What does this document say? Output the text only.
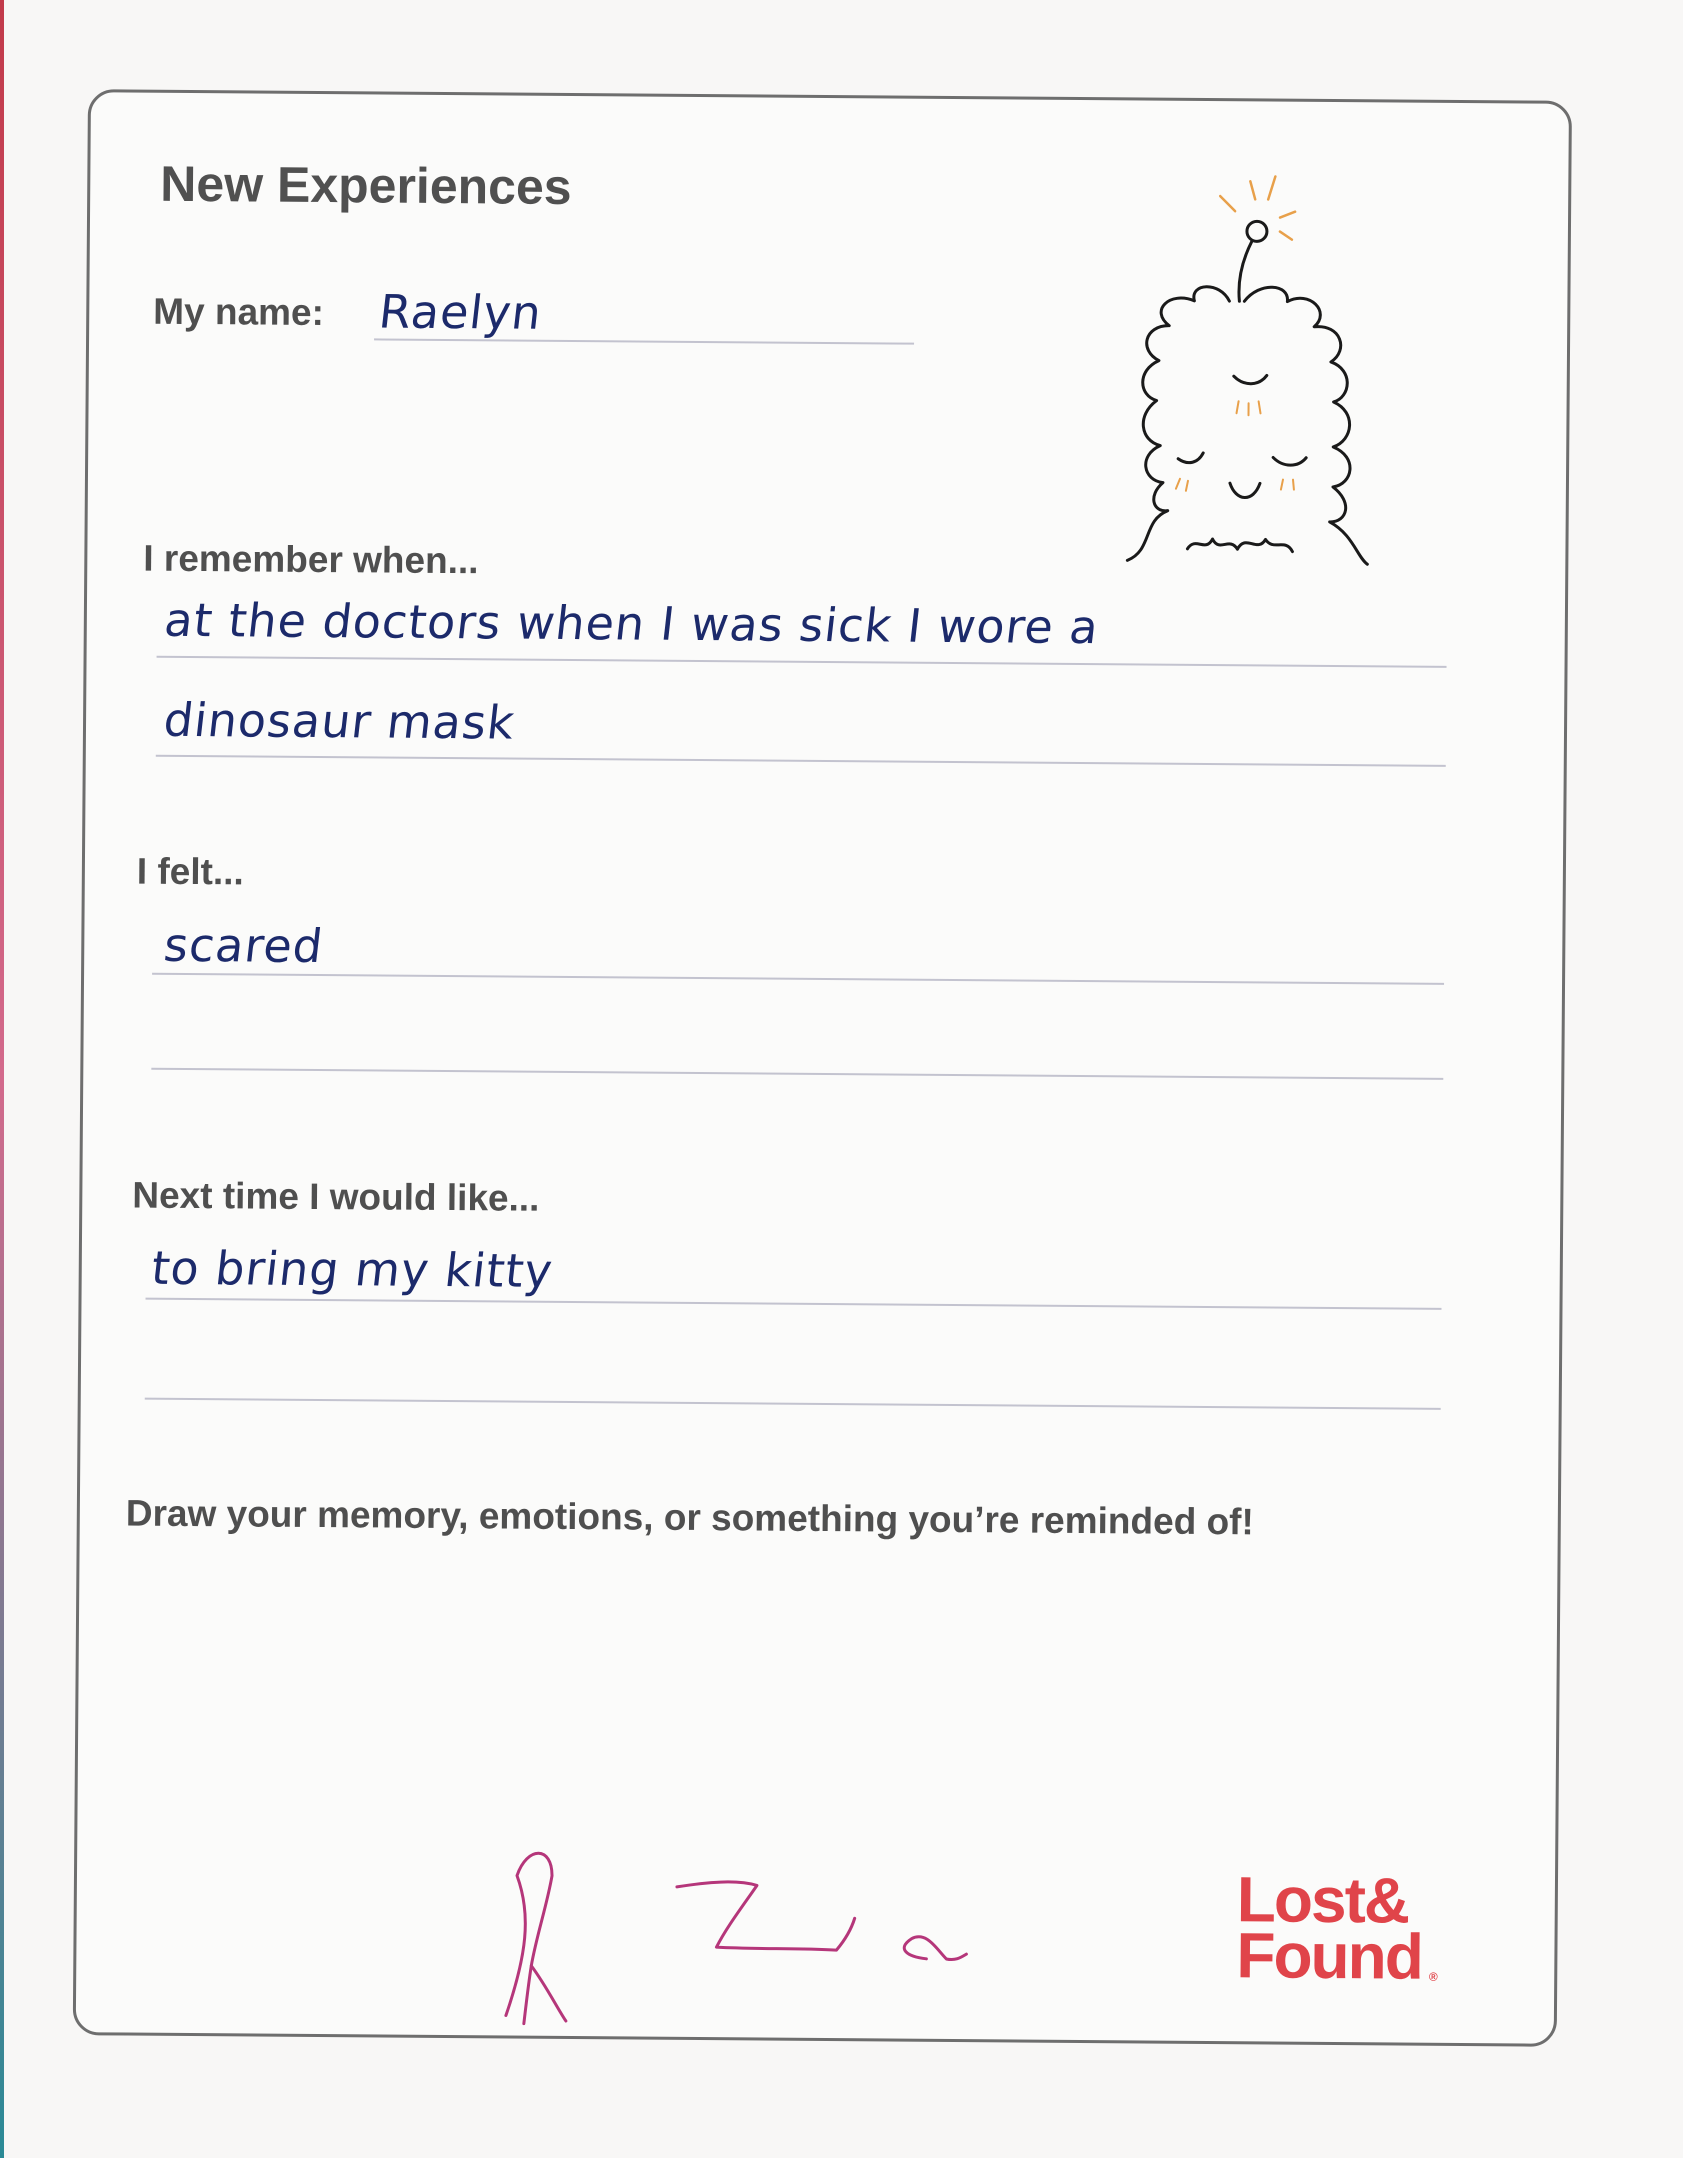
New Experiences
My name: Raelyn
I remember when...
at the doctors when I was sick I wore a
dinosaur mask
I felt...
scared
Next time I would like...
to bring my kitty
Draw your memory, emotions, or something you’re reminded of!
Lost&
Found ®
